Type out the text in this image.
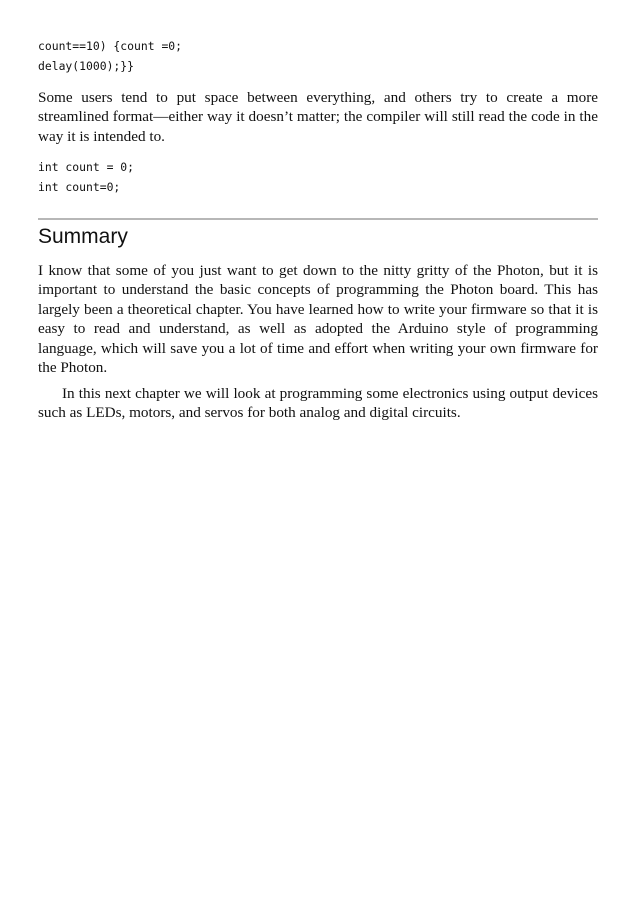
count==10) {count =0;
delay(1000);}}

Some users tend to put space between everything, and others try to create a more streamlined format—either way it doesn’t matter; the compiler will still read the code in the way it is intended to.

int count = 0;
int count=0;
Summary

I know that some of you just want to get down to the nitty gritty of the Photon, but it is important to understand the basic concepts of programming the Photon board. This has largely been a theoretical chapter. You have learned how to write your firmware so that it is easy to read and understand, as well as adopted the Arduino style of programming language, which will save you a lot of time and effort when writing your own firmware for the Photon.

In this next chapter we will look at programming some electronics using output devices such as LEDs, motors, and servos for both analog and digital circuits.
